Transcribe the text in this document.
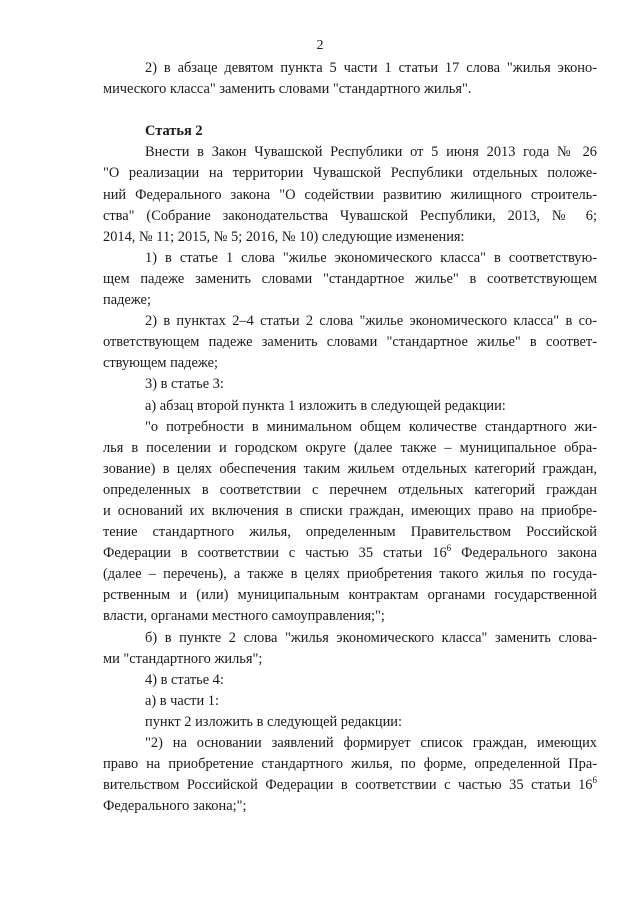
2
2) в абзаце девятом пункта 5 части 1 статьи 17 слова "жилья эконо-
мического класса" заменить словами "стандартного жилья".
Статья 2
Внести в Закон Чувашской Республики от 5 июня 2013 года № 26
"О реализации на территории Чувашской Республики отдельных положе-
ний Федерального закона "О содействии развитию жилищного строитель-
ства" (Собрание законодательства Чувашской Республики, 2013, № 6;
2014, № 11; 2015, № 5; 2016, № 10) следующие изменения:
1) в статье 1 слова "жилье экономического класса" в соответствую-
щем падеже заменить словами "стандартное жилье" в соответствующем
падеже;
2) в пунктах 2–4 статьи 2 слова "жилье экономического класса" в со-
ответствующем падеже заменить словами "стандартное жилье" в соответ-
ствующем падеже;
3) в статье 3:
а) абзац второй пункта 1 изложить в следующей редакции:
"о потребности в минимальном общем количестве стандартного жи-
лья в поселении и городском округе (далее также – муниципальное обра-
зование) в целях обеспечения таким жильем отдельных категорий граждан,
определенных в соответствии с перечнем отдельных категорий граждан
и оснований их включения в списки граждан, имеющих право на приобре-
тение стандартного жилья, определенным Правительством Российской
Федерации в соответствии с частью 35 статьи $16^6$ Федерального закона
(далее – перечень), а также в целях приобретения такого жилья по госуда-
рственным и (или) муниципальным контрактам органами государственной
власти, органами местного самоуправления;";
б) в пункте 2 слова "жилья экономического класса" заменить слова-
ми "стандартного жилья";
4) в статье 4:
а) в части 1:
пункт 2 изложить в следующей редакции:
"2) на основании заявлений формирует список граждан, имеющих
право на приобретение стандартного жилья, по форме, определенной Пра-
вительством Российской Федерации в соответствии с частью 35 статьи $16^6$
Федерального закона;";
